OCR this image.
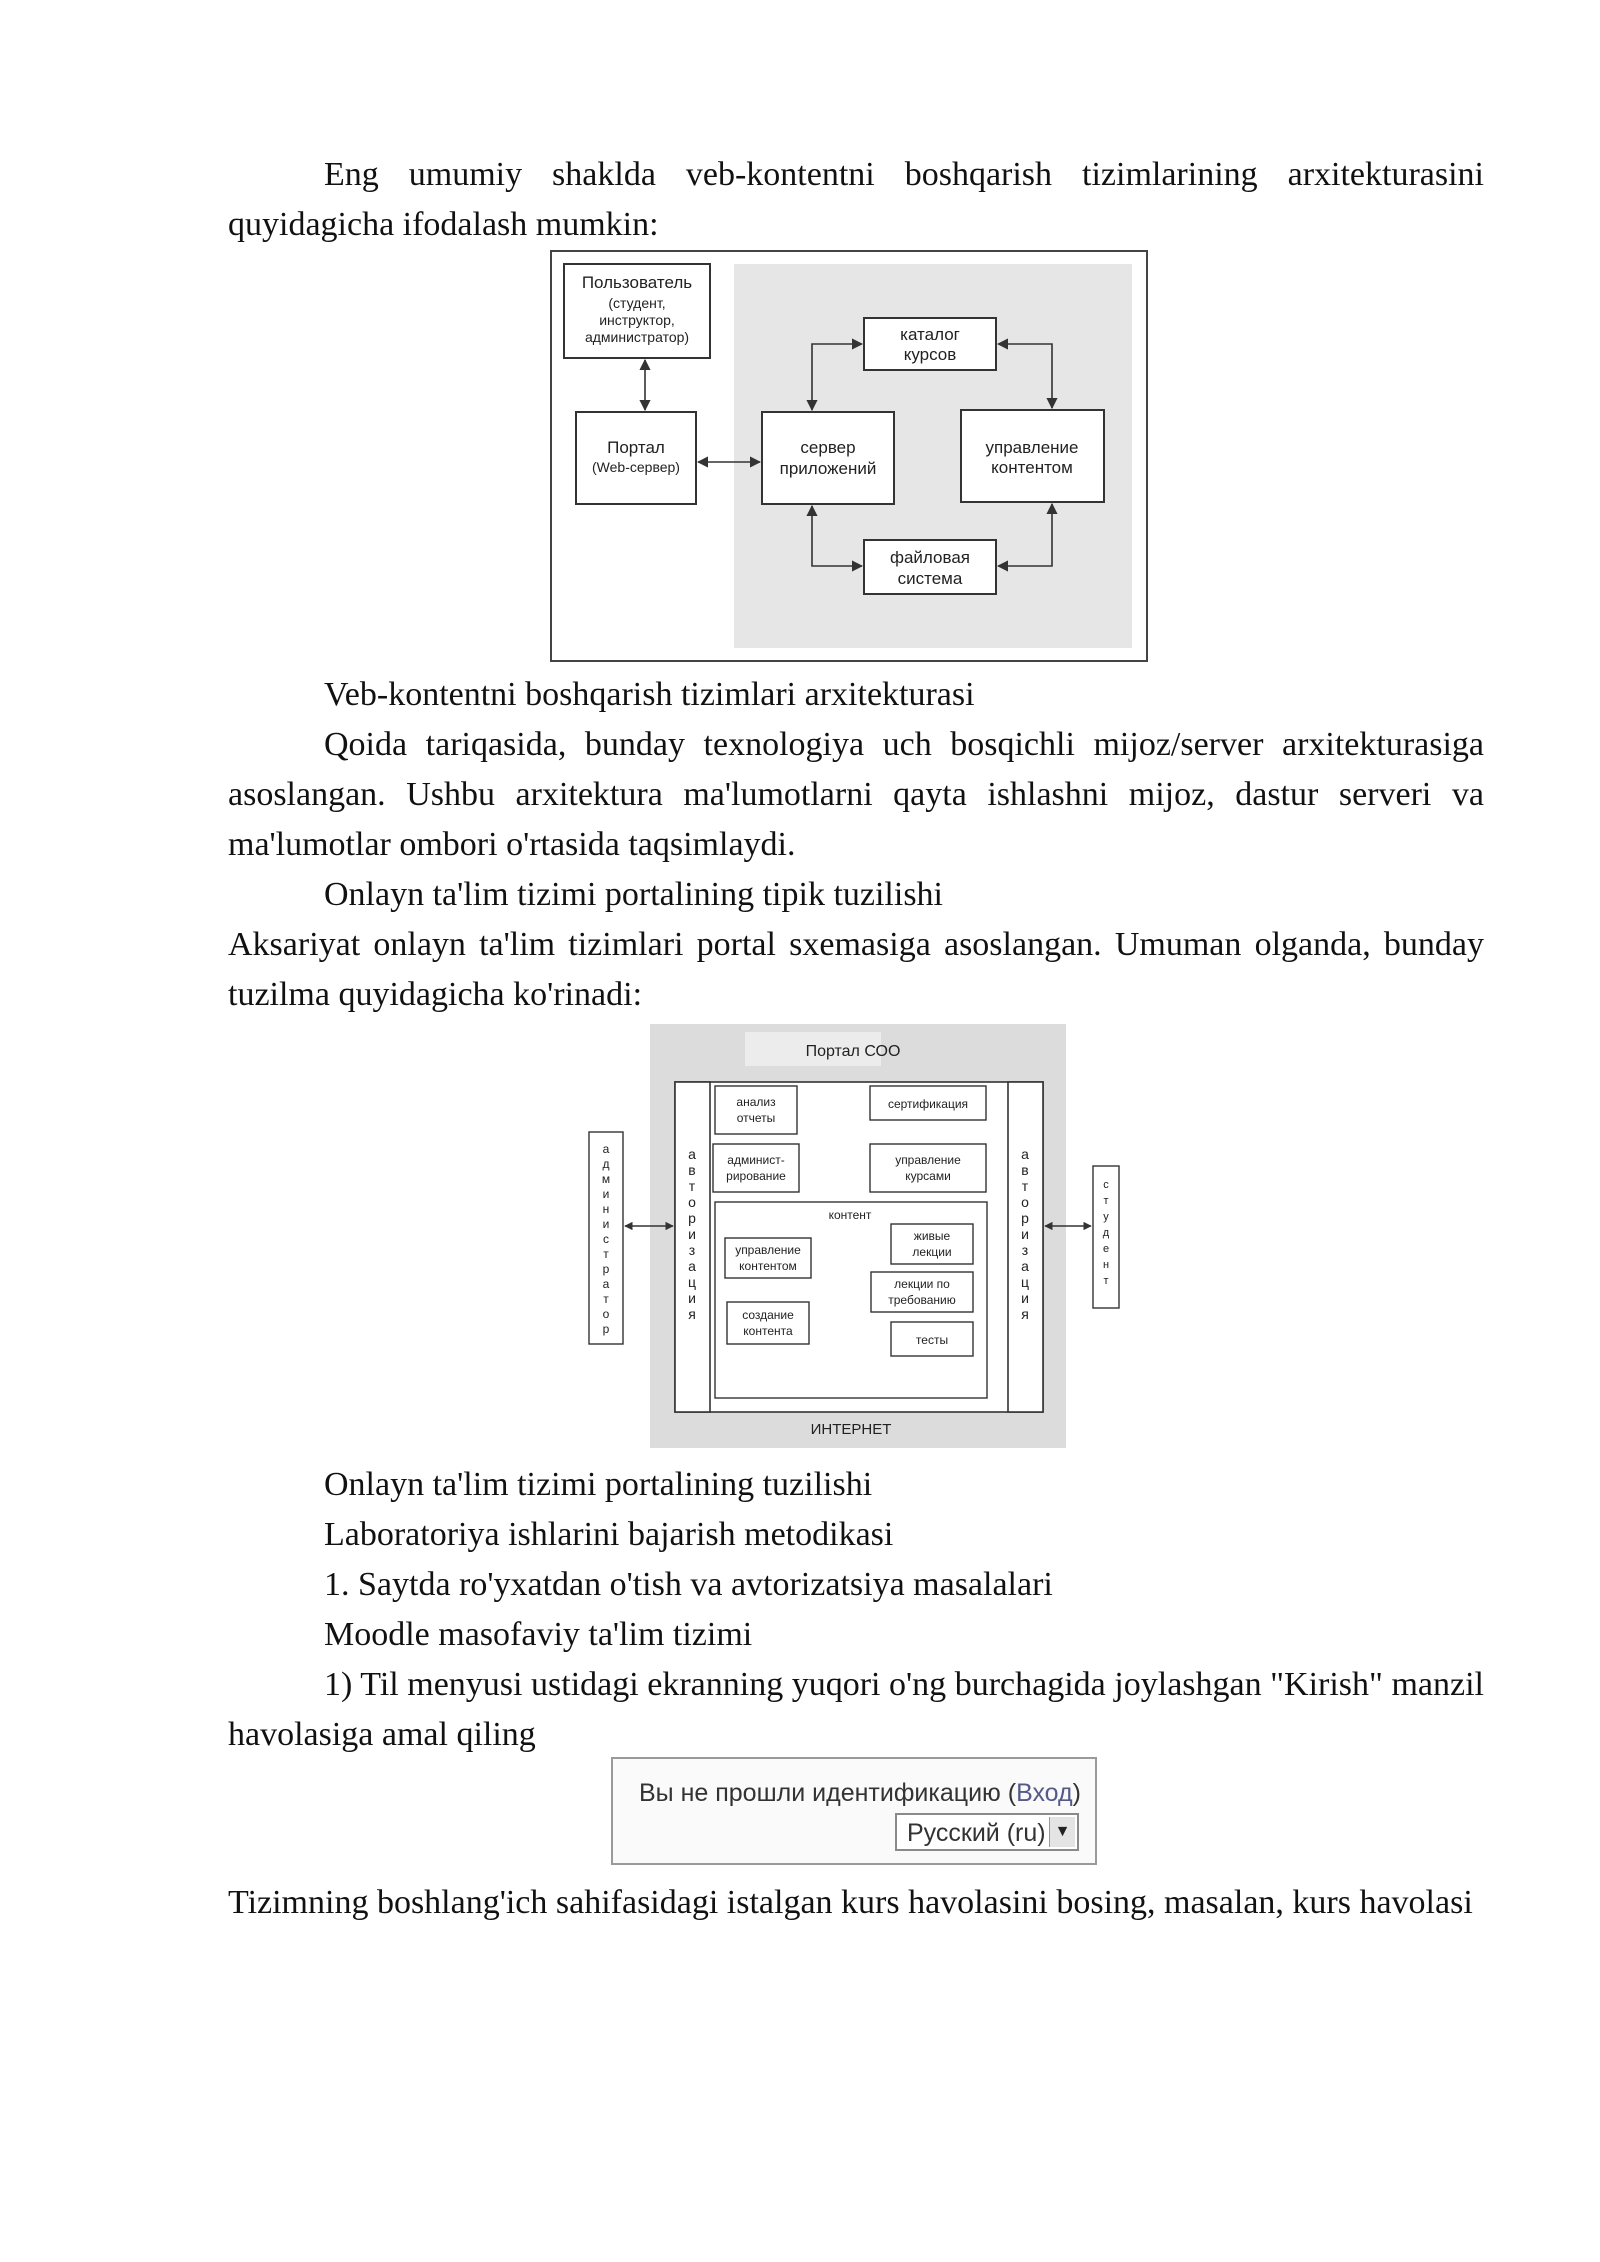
Eng umumiy shaklda veb-kontentni boshqarish tizimlarining arxitekturasini quyidagicha ifodalash mumkin:

Пользователь
(студент,
инструктор,
администратор)
Портал
(Web-сервер)
сервер
приложений
каталог
курсов
управление
контентом
файловая
система

Veb-kontentni boshqarish tizimlari arxitekturasi

Qoida tariqasida, bunday texnologiya uch bosqichli mijoz/server arxitekturasiga asoslangan. Ushbu arxitektura ma'lumotlarni qayta ishlashni mijoz, dastur serveri va ma'lumotlar ombori o'rtasida taqsimlaydi.

Onlayn ta'lim tizimi portalining tipik tuzilishi

Aksariyat onlayn ta'lim tizimlari portal sxemasiga asoslangan. Umuman olganda, bunday tuzilma quyidagicha ko'rinadi:

Портал СОО
а
в
т
о
р
и
з
а
ц
и
я
а
в
т
о
р
и
з
а
ц
и
я
анализ
отчеты
сертификация
админист-
рирование
управление
курсами
контент
управление
контентом
живые
лекции
лекции по
требованию
создание
контента
тесты
ИНТЕРНЕТ
а
д
м
и
н
и
с
т
р
а
т
о
р
с
т
у
д
е
н
т

Onlayn ta'lim tizimi portalining tuzilishi

Laboratoriya ishlarini bajarish metodikasi

1. Saytda ro'yxatdan o'tish va avtorizatsiya masalalari

Moodle masofaviy ta'lim tizimi

1) Til menyusi ustidagi ekranning yuqori o'ng burchagida joylashgan "Kirish" manzil havolasiga amal qiling

Вы не прошли идентификацию (Вход)
Русский (ru) ▼

Tizimning boshlang'ich sahifasidagi istalgan kurs havolasini bosing, masalan, kurs havolasi
